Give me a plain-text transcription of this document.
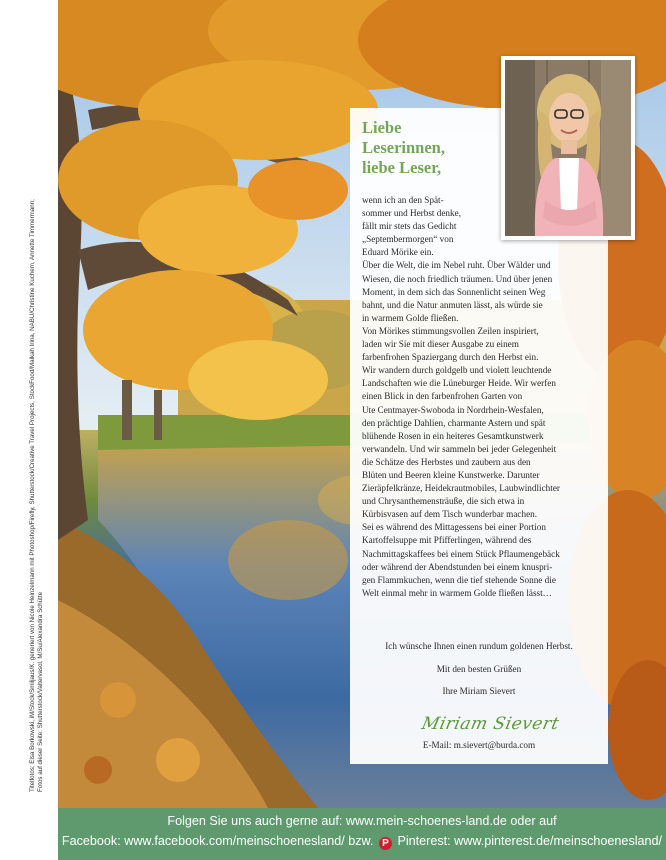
Titelfotos: Elsa Borkowski, iM/Stock/Smiljaus/K. generiert von Nicole Heinzelmann mit Photoshop/Firefly, Shutterstock/Creative Travel Projects, StockFood/Malkah Irina, NABU/Christine Kuchem, Annette Timmermann; Fotos auf dieser Seite: Shutterstock/Valtervasol, M/Su/Alexandra Schütte
Liebe
Leserinnen,
liebe Leser,

wenn ich an den Spät-
sommer und Herbst denke,
fällt mir stets das Gedicht
„Septembermorgen“ von
Eduard Mörike ein.

Über die Welt, die im Nebel ruht. Über Wälder und
Wiesen, die noch friedlich träumen. Und über jenen
Moment, in dem sich das Sonnenlicht seinen Weg
bahnt, und die Natur anmuten lässt, als würde sie
in warmem Golde fließen.

Von Mörikes stimmungsvollen Zeilen inspiriert,
laden wir Sie mit dieser Ausgabe zu einem
farbenfrohen Spaziergang durch den Herbst ein.
Wir wandern durch goldgelb und violett leuchtende
Landschaften wie die Lüneburger Heide. Wir werfen
einen Blick in den farbenfrohen Garten von
Ute Centmayer-Swoboda in Nordrhein-Wesfalen,
den prächtige Dahlien, charmante Astern und spät
blühende Rosen in ein heiteres Gesamtkunstwerk
verwandeln. Und wir sammeln bei jeder Gelegenheit
die Schätze des Herbstes und zaubern aus den
Blüten und Beeren kleine Kunstwerke. Darunter
Zieräpfelkränze, Heidekrautmobiles, Laubwindlichter
und Chrysanthemensträuße, die sich etwa in
Kürbisvasen auf dem Tisch wunderbar machen.

Sei es während des Mittagessens bei einer Portion
Kartoffelsuppe mit Pfifferlingen, während des
Nachmittagskaffees bei einem Stück Pflaumengebäck
oder während der Abendstunden bei einem knuspri-
gen Flammkuchen, wenn die tief stehende Sonne die
Welt einmal mehr in warmem Golde fließen lässt…

Ich wünsche Ihnen einen rundum goldenen Herbst.

Mit den besten Grüßen

Ihre Miriam Sievert

Miriam Sievert
E-Mail: m.sievert@burda.com

Folgen Sie uns auch gerne auf: www.mein-schoenes-land.de oder auf

Facebook: www.facebook.com/meinschoenesland/ bzw. P Pinterest: www.pinterest.de/meinschoenesland/
